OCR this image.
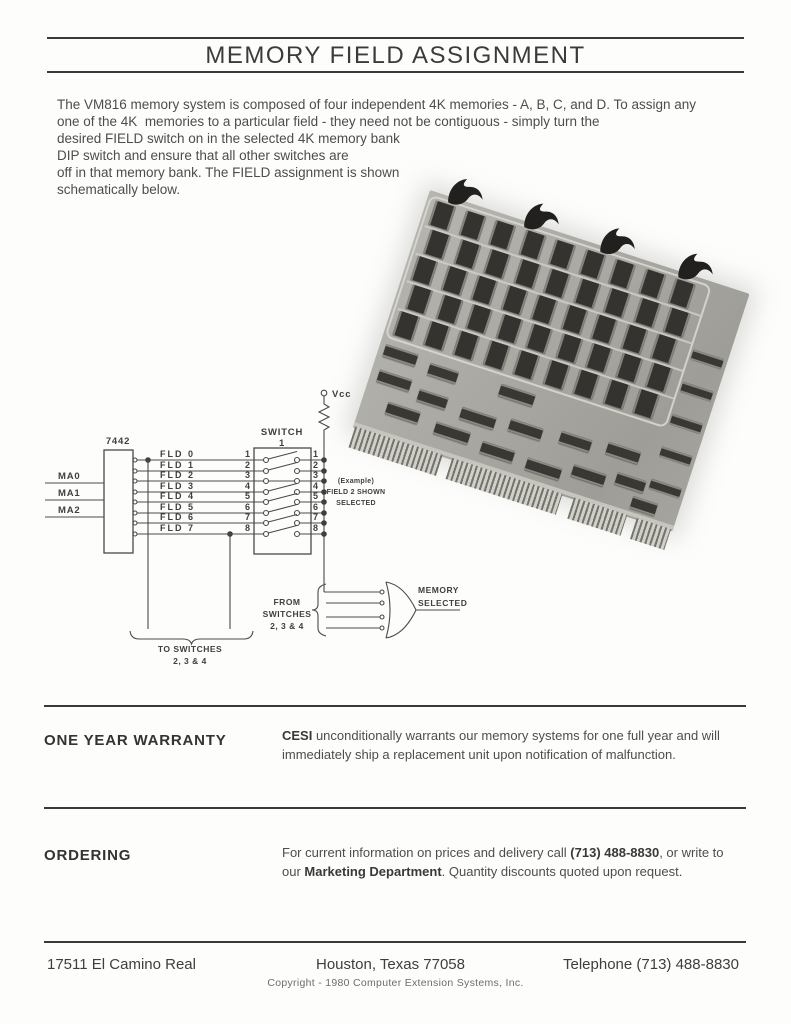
MEMORY FIELD ASSIGNMENT
The VM816 memory system is composed of four independent 4K memories - A, B, C, and D. To assign any
one of the 4K  memories to a particular field - they need not be contiguous - simply turn the
desired FIELD switch on in the selected 4K memory bank
DIP switch and ensure that all other switches are
off in that memory bank. The FIELD assignment is shown
schematically below.
MA0
MA1
MA2
7442
SWITCH
1
Vcc
TO SWITCHES
2, 3 & 4
(Example)
FIELD 2 SHOWN
SELECTED
FROM
SWITCHES
2, 3 & 4
MEMORY
SELECTED
FLD 0	1	1
FLD 1	2	2
FLD 2	3	3
FLD 3	4	4
FLD 4	5	5
FLD 5	6	6
FLD 6	7	7
FLD 7	8	8
ONE YEAR WARRANTY	CESI unconditionally warrants our memory systems for one full year and will
immediately ship a replacement unit upon notification of malfunction.
ORDERING	For current information on prices and delivery call (713) 488-8830, or write to
our Marketing Department. Quantity discounts quoted upon request.
17511 El Camino Real	Houston, Texas 77058	Telephone (713) 488-8830
Copyright - 1980 Computer Extension Systems, Inc.
